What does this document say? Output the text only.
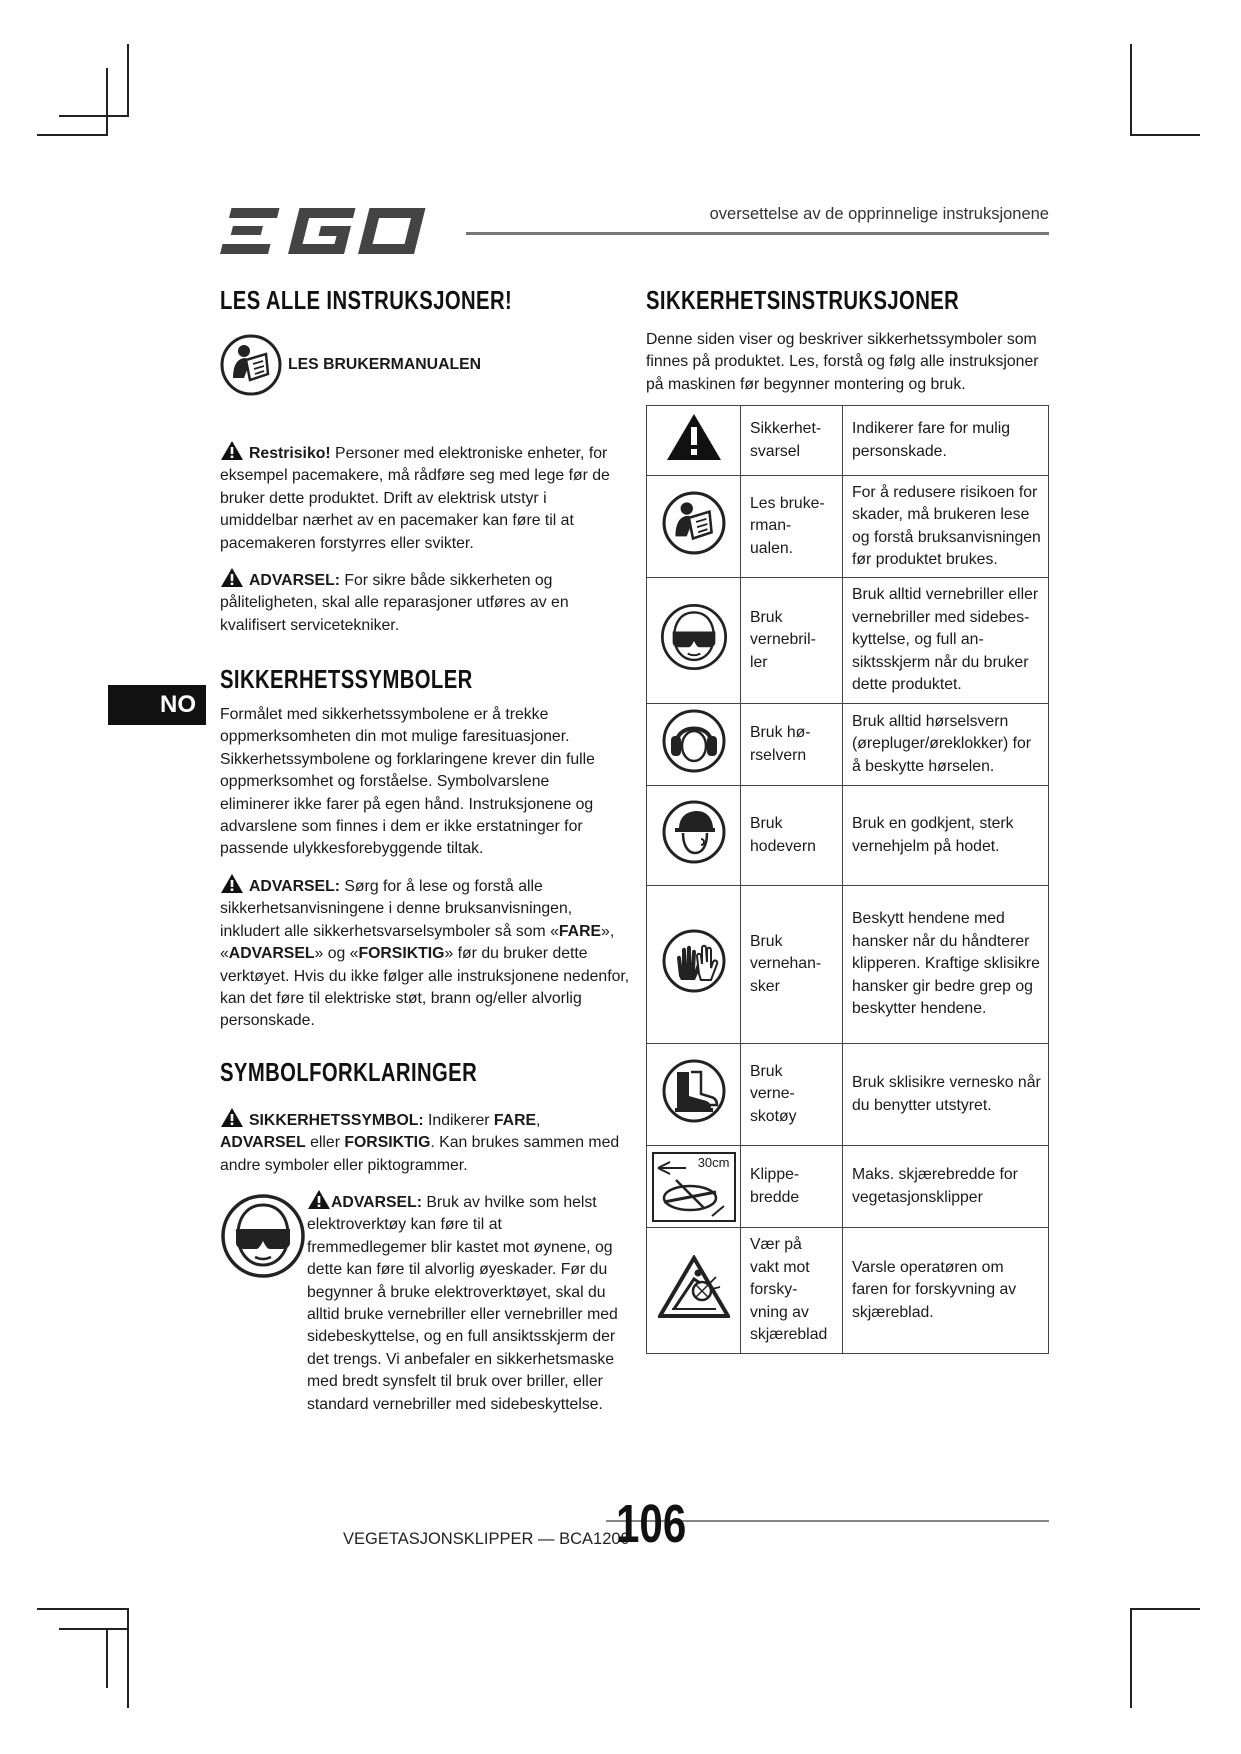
oversettelse av de opprinnelige instruksjonene
NO
LES ALLE INSTRUKSJONER!
LES BRUKERMANUALEN
Restrisiko! Personer med elektroniske enheter, for eksempel pacemakere, må rådføre seg med lege før de bruker dette produktet. Drift av elektrisk utstyr i umiddelbar nærhet av en pacemaker kan føre til at pacemakeren forstyrres eller svikter.
ADVARSEL: For sikre både sikkerheten og påliteligheten, skal alle reparasjoner utføres av en kvalifisert servicetekniker.
SIKKERHETSSYMBOLER
Formålet med sikkerhetssymbolene er å trekke oppmerksomheten din mot mulige faresituasjoner. Sikkerhetssymbolene og forklaringene krever din fulle oppmerksomhet og forståelse. Symbolvarslene eliminerer ikke farer på egen hånd. Instruksjonene og advarslene som finnes i dem er ikke erstatninger for passende ulykkesforebyggende tiltak.
ADVARSEL: Sørg for å lese og forstå alle sikkerhetsanvisningene i denne bruksanvisningen, inkludert alle sikkerhetsvarselsymboler så som «FARE», «ADVARSEL» og «FORSIKTIG» før du bruker dette verktøyet. Hvis du ikke følger alle instruksjonene nedenfor, kan det føre til elektriske støt, brann og/eller alvorlig personskade.
SYMBOLFORKLARINGER
SIKKERHETSSYMBOL: Indikerer FARE, ADVARSEL eller FORSIKTIG. Kan brukes sammen med andre symboler eller piktogrammer.
ADVARSEL: Bruk av hvilke som helst elektroverktøy kan føre til at fremmedlegemer blir kastet mot øynene, og dette kan føre til alvorlig øyeskader. Før du begynner å bruke elektroverktøyet, skal du alltid bruke vernebriller eller vernebriller med sidebeskyttelse, og en full ansiktsskjerm der det trengs. Vi anbefaler en sikkerhetsmaske med bredt synsfelt til bruk over briller, eller standard vernebriller med sidebeskyttelse.
SIKKERHETSINSTRUKSJONER
Denne siden viser og beskriver sikkerhetssymboler som finnes på produktet. Les, forstå og følg alle instruksjoner på maskinen før begynner montering og bruk.
	Sikkerhet-
svarsel	Indikerer fare for mulig personskade.
	Les bruke-
rman-
ualen.	For å redusere risikoen for skader, må brukeren lese og forstå bruksanvisningen før produktet brukes.
	Bruk
vernebril-
ler	Bruk alltid vernebriller eller vernebriller med sidebes-kyttelse, og full an-siktsskjerm når du bruker dette produktet.
	Bruk hø-
rselvern	Bruk alltid hørselsvern (ørepluger/øreklokker) for å beskytte hørselen.
	Bruk
hodevern	Bruk en godkjent, sterk vernehjelm på hodet.
	Bruk
vernehan-
sker	Beskytt hendene med hansker når du håndterer klipperen. Kraftige sklisikre hansker gir bedre grep og beskytter hendene.
	Bruk
verne-
skotøy	Bruk sklisikre vernesko når du benytter utstyret.

30cm	Klippe-
bredde	Maks. skjærebredde for vegetasjonsklipper
	Vær på
vakt mot
forsky-
vning av
skjæreblad	Varsle operatøren om faren for forskyvning av skjæreblad.
VEGETASJONSKLIPPER — BCA1200
106
